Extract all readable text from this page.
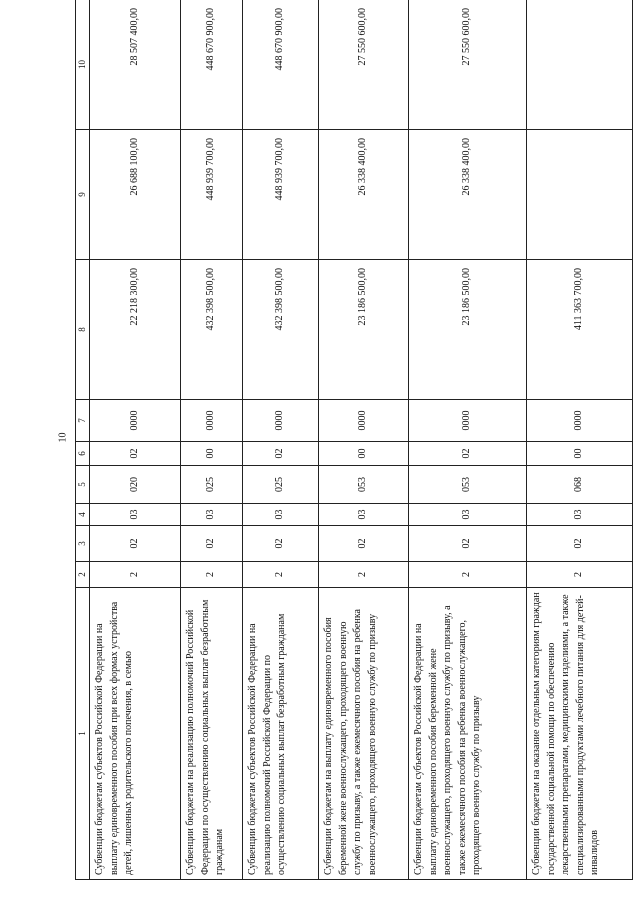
10
1	2	3	4	5	6	7	8	9	10
Субвенции бюджетам субъектов Российской Федерации на выплату единовременного пособия при всех формах устройства детей, лишенных родительского попечения, в семью	2	02	03	020	02	0000	22 218 300,00	26 688 100,00	28 507 400,00
Субвенции бюджетам на реализацию полномочий Российской Федерации по осуществлению социальных выплат безработным гражданам	2	02	03	025	00	0000	432 398 500,00	448 939 700,00	448 670 900,00
Субвенции бюджетам субъектов Российской Федерации на реализацию полномочий Российской Федерации по осуществлению социальных выплат безработным гражданам	2	02	03	025	02	0000	432 398 500,00	448 939 700,00	448 670 900,00
Субвенции бюджетам на выплату единовременного пособия беременной жене военнослужащего, проходящего военную службу по призыву, а также ежемесячного пособия на ребенка военнослужащего, проходящего военную службу по призыву	2	02	03	053	00	0000	23 186 500,00	26 338 400,00	27 550 600,00
Субвенции бюджетам субъектов Российской Федерации на выплату единовременного пособия беременной жене военнослужащего, проходящего военную службу по призыву, а также ежемесячного пособия на ребенка военнослужащего, проходящего военную службу по призыву	2	02	03	053	02	0000	23 186 500,00	26 338 400,00	27 550 600,00
Субвенции бюджетам на оказание отдельным категориям граждан государственной социальной помощи по обеспечению лекарственными препаратами, медицинскими изделиями, а также специализированными продуктами лечебного питания для детей-инвалидов	2	02	03	068	00	0000	411 363 700,00		
